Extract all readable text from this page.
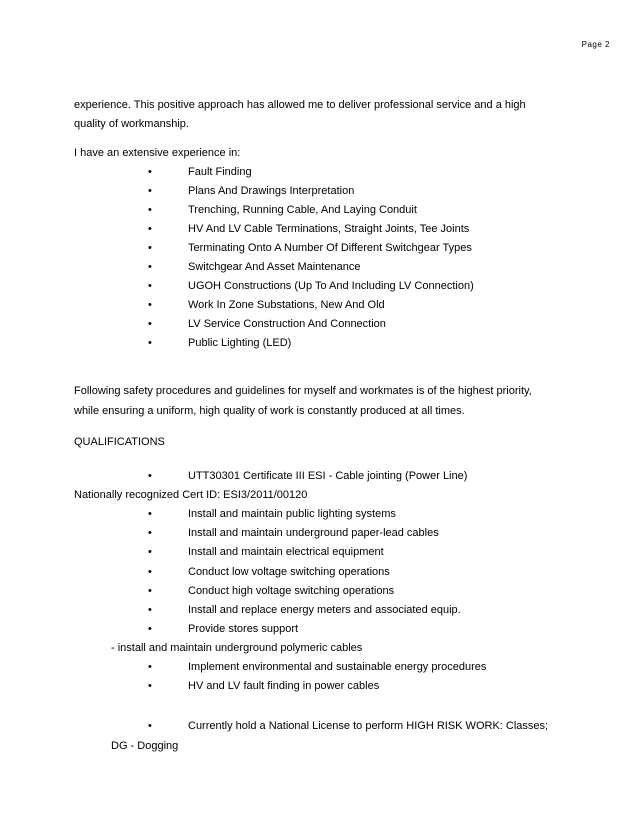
Page 2
experience. This positive approach has allowed me to deliver professional service and a high
quality of workmanship.
I have an extensive experience in:
•	Fault Finding
•	Plans And Drawings Interpretation
•	Trenching, Running Cable, And Laying Conduit
•	HV And LV Cable Terminations, Straight Joints, Tee Joints
•	Terminating Onto A Number Of Different Switchgear Types
•	Switchgear And Asset Maintenance
•	UGOH Constructions (Up To And Including LV Connection)
•	Work In Zone Substations, New And Old
•	LV Service Construction And Connection
•	Public Lighting (LED)
Following safety procedures and guidelines for myself and workmates is of the highest priority,
while ensuring a uniform, high quality of work is constantly produced at all times.
QUALIFICATIONS
•	UTT30301 Certificate III ESI - Cable jointing (Power Line)
Nationally recognized Cert ID: ESI3/2011/00120
•	Install and maintain public lighting systems
•	Install and maintain underground paper-lead cables
•	Install and maintain electrical equipment
•	Conduct low voltage switching operations
•	Conduct high voltage switching operations
•	Install and replace energy meters and associated equip.
•	Provide stores support
- install and maintain underground polymeric cables
•	Implement environmental and sustainable energy procedures
•	HV and LV fault finding in power cables
•	Currently hold a National License to perform HIGH RISK WORK: Classes;
DG - Dogging
